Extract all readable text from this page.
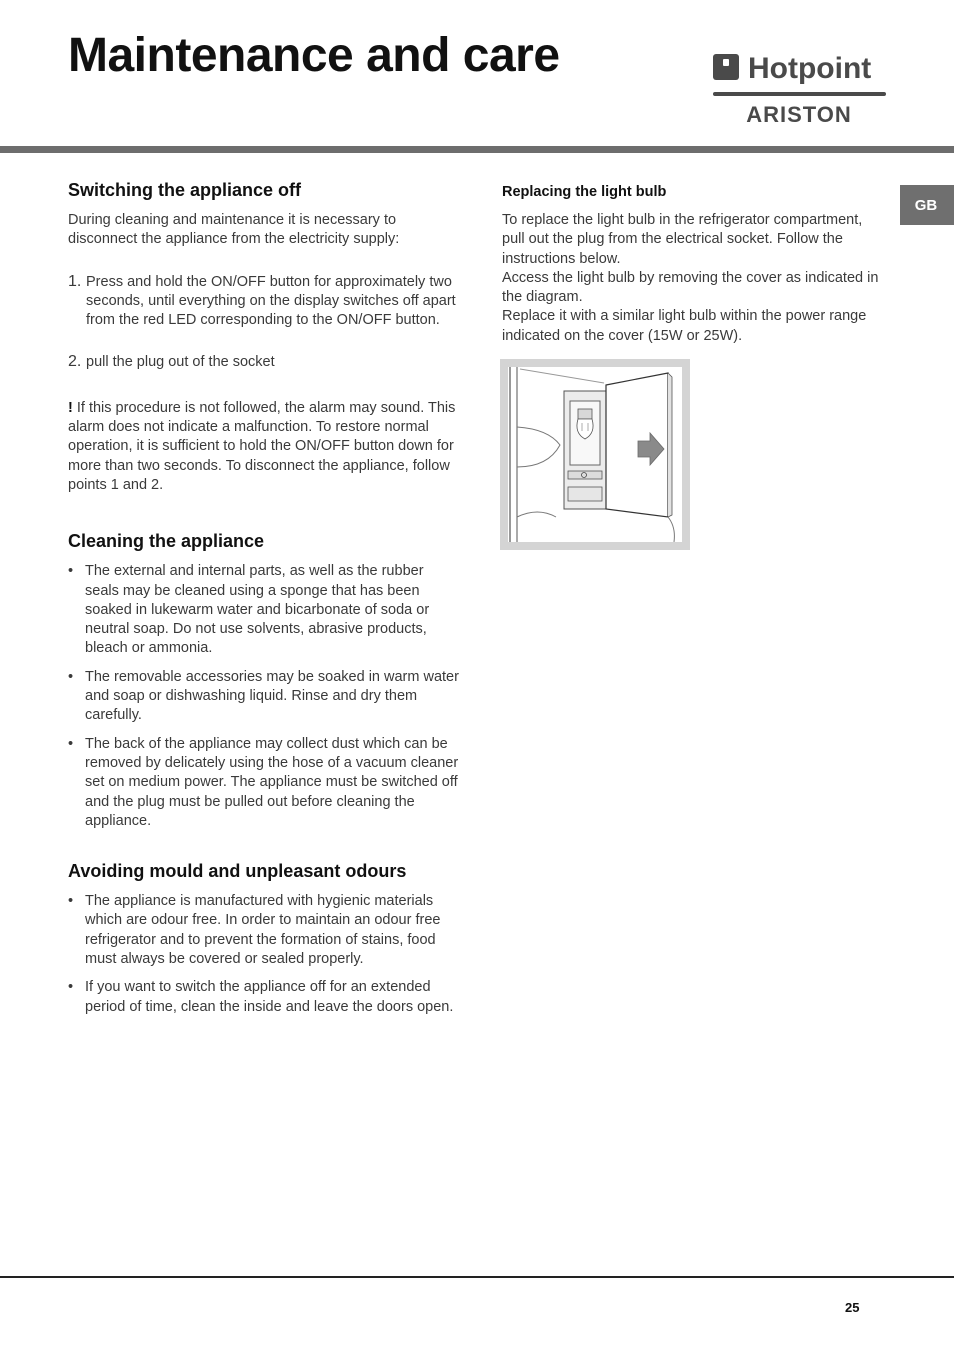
Maintenance and care	Hotpoint
ARISTON
GB
Switching the appliance off

During cleaning and maintenance it is necessary to disconnect the appliance from the electricity supply:

1. Press and hold the ON/OFF button for approximately two seconds, until everything on the display switches off apart from the red LED corresponding to the ON/OFF button.

2. pull the plug out of the socket

! If this procedure is not followed, the alarm may sound. This alarm does not indicate a malfunction. To restore normal operation, it is sufficient to hold the ON/OFF button down for more than two seconds. To disconnect the appliance, follow points 1 and 2.

Cleaning the appliance
• The external and internal parts, as well as the rubber seals may be cleaned using a sponge that has been soaked in lukewarm water and bicarbonate of soda or neutral soap. Do not use solvents, abrasive products, bleach or ammonia.
• The removable accessories may be soaked in warm water and soap or dishwashing liquid. Rinse and dry them carefully.
• The back of the appliance may collect dust which can be removed by delicately using the hose of a vacuum cleaner set on medium power. The appliance must be switched off and the plug must be pulled out before cleaning the appliance.
Avoiding mould and unpleasant odours
• The appliance is manufactured with hygienic materials which are odour free. In order to maintain an odour free refrigerator and to prevent the formation of stains, food must always be covered or sealed properly.
• If you want to switch the appliance off for an extended period of time, clean the inside and leave the doors open.
Replacing the light bulb

To replace the light bulb in the refrigerator compartment, pull out the plug from the electrical socket. Follow the instructions below.

Access the light bulb by removing the cover as indicated in the diagram.

Replace it with a similar light bulb within the power range indicated on the cover (15W or 25W).

25
